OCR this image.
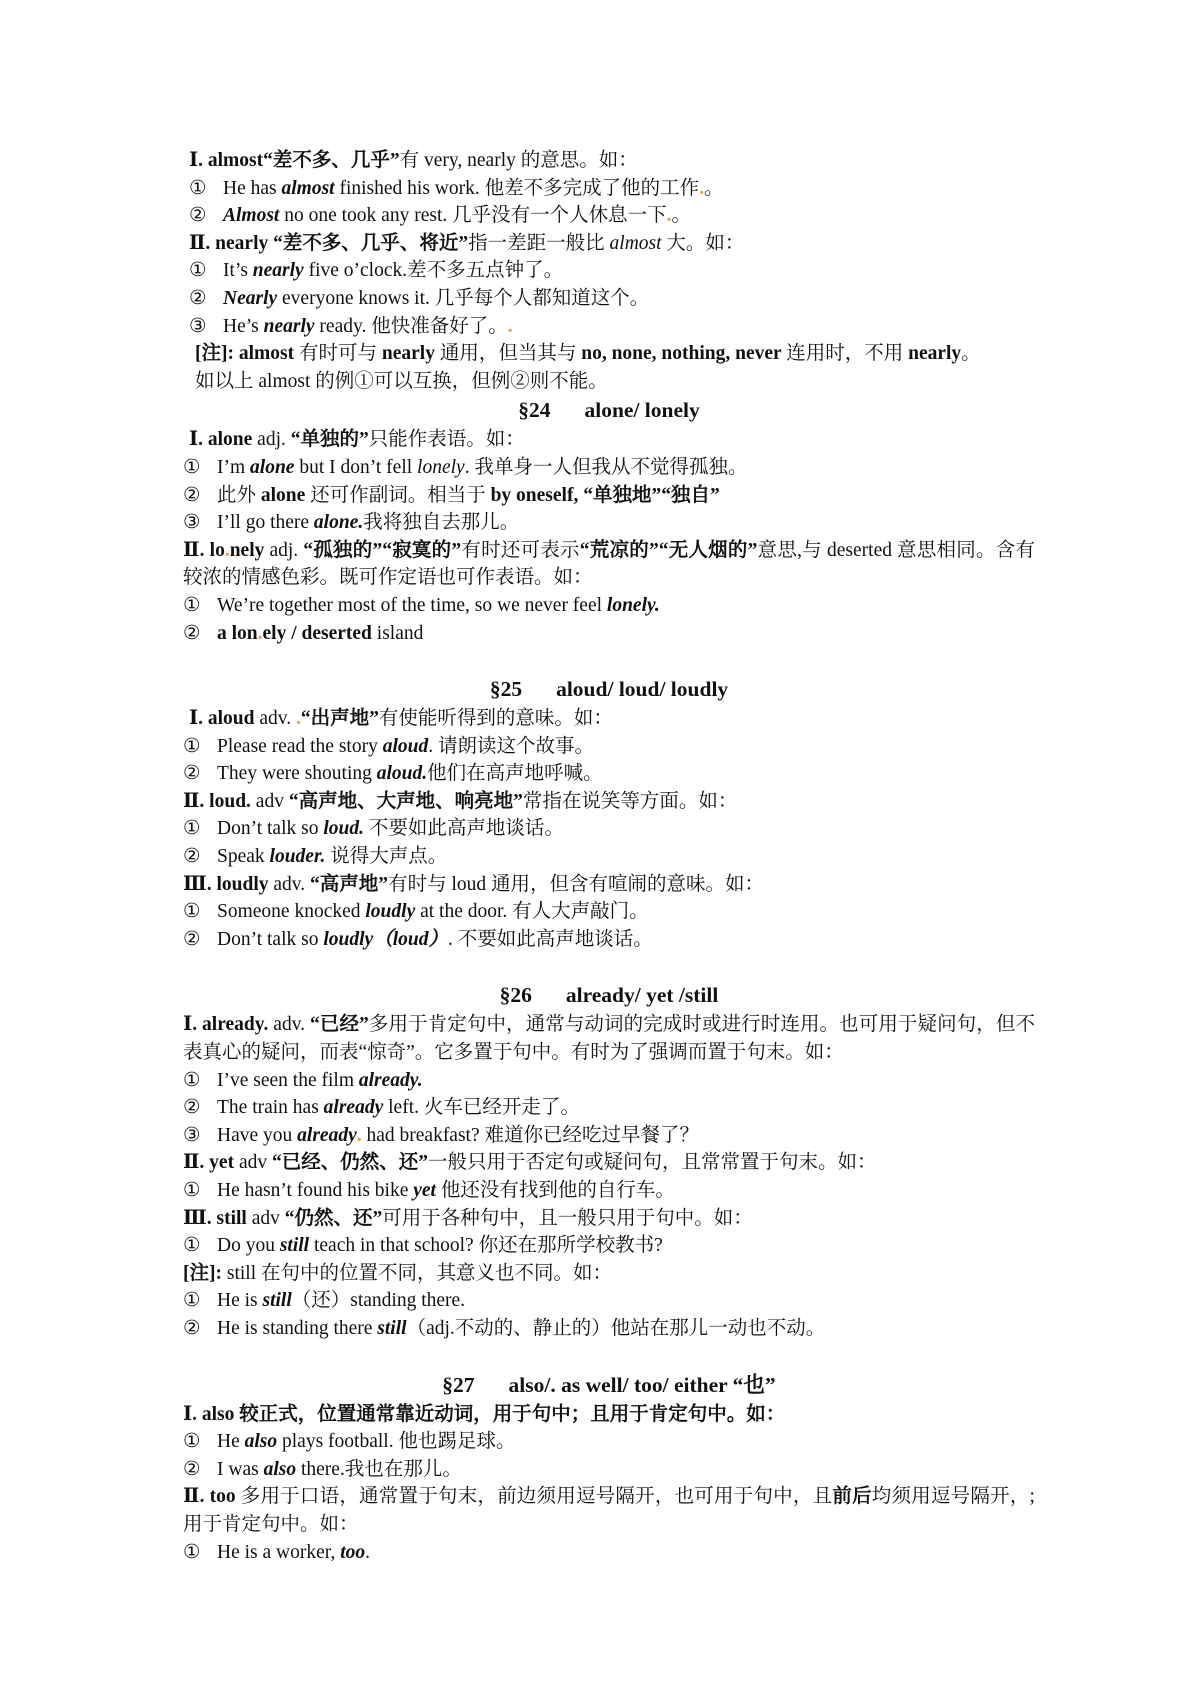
Ⅰ. almost“差不多、几乎”有 very, nearly 的意思。如：
① He has almost finished his work. 他差不多完成了他的工作.。
② Almost no one took any rest. 几乎没有一个人休息一下.。
Ⅱ. nearly “差不多、几乎、将近”指一差距一般比 almost 大。如：
① It’s nearly five o’clock.差不多五点钟了。
② Nearly everyone knows it. 几乎每个人都知道这个。
③ He’s nearly ready. 他快准备好了。.
[注]: almost 有时可与 nearly 通用，但当其与 no, none, nothing, never 连用时，不用 nearly。
如以上 almost 的例①可以互换，但例②则不能。
§24 alone/ lonely
Ⅰ. alone adj. “单独的”只能作表语。如：
① I’m alone but I don’t fell lonely. 我单身一人但我从不觉得孤独。
② 此外 alone 还可作副词。相当于 by oneself, “单独地”“独自”
③ I’ll go there alone.我将独自去那儿。
Ⅱ. lo.nely adj. “孤独的”“寂寞的”有时还可表示“荒凉的”“无人烟的”意思,与 deserted 意思相同。含有较浓的情感色彩。既可作定语也可作表语。如：
① We’re together most of the time, so we never feel lonely.
② a lon.ely / deserted island
§25 aloud/ loud/ loudly
Ⅰ. aloud adv. .“出声地”有使能听得到的意味。如：
① Please read the story aloud. 请朗读这个故事。
② They were shouting aloud.他们在高声地呼喊。
Ⅱ. loud. adv “高声地、大声地、响亮地”常指在说笑等方面。如：
① Don’t talk so loud. 不要如此高声地谈话。
② Speak louder. 说得大声点。
Ⅲ. loudly adv. “高声地”有时与 loud 通用，但含有喧闹的意味。如：
① Someone knocked loudly at the door. 有人大声敲门。
② Don’t talk so loudly（loud）. 不要如此高声地谈话。
§26 already/ yet /still
Ⅰ. already. adv. “已经”多用于肯定句中，通常与动词的完成时或进行时连用。也可用于疑问句，但不表真心的疑问，而表“惊奇”。它多置于句中。有时为了强调而置于句末。如：
① I’ve seen the film already.
② The train has already left. 火车已经开走了。
③ Have you already. had breakfast? 难道你已经吃过早餐了？
Ⅱ. yet adv “已经、仍然、还”一般只用于否定句或疑问句，且常常置于句末。如：
① He hasn’t found his bike yet 他还没有找到他的自行车。
Ⅲ. still adv “仍然、还”可用于各种句中，且一般只用于句中。如：
① Do you still teach in that school? 你还在那所学校教书?
[注]: still 在句中的位置不同，其意义也不同。如：
① He is still（还）standing there.
② He is standing there still（adj.不动的、静止的）他站在那儿一动也不动。
§27 also/. as well/ too/ either “也”
Ⅰ. also 较正式，位置通常靠近动词，用于句中；且用于肯定句中。如：
① He also plays football. 他也踢足球。
② I was also there.我也在那儿。
Ⅱ. too 多用于口语，通常置于句末，前边须用逗号隔开，也可用于句中，且前后均须用逗号隔开，; 用于肯定句中。如：
① He is a worker, too.
